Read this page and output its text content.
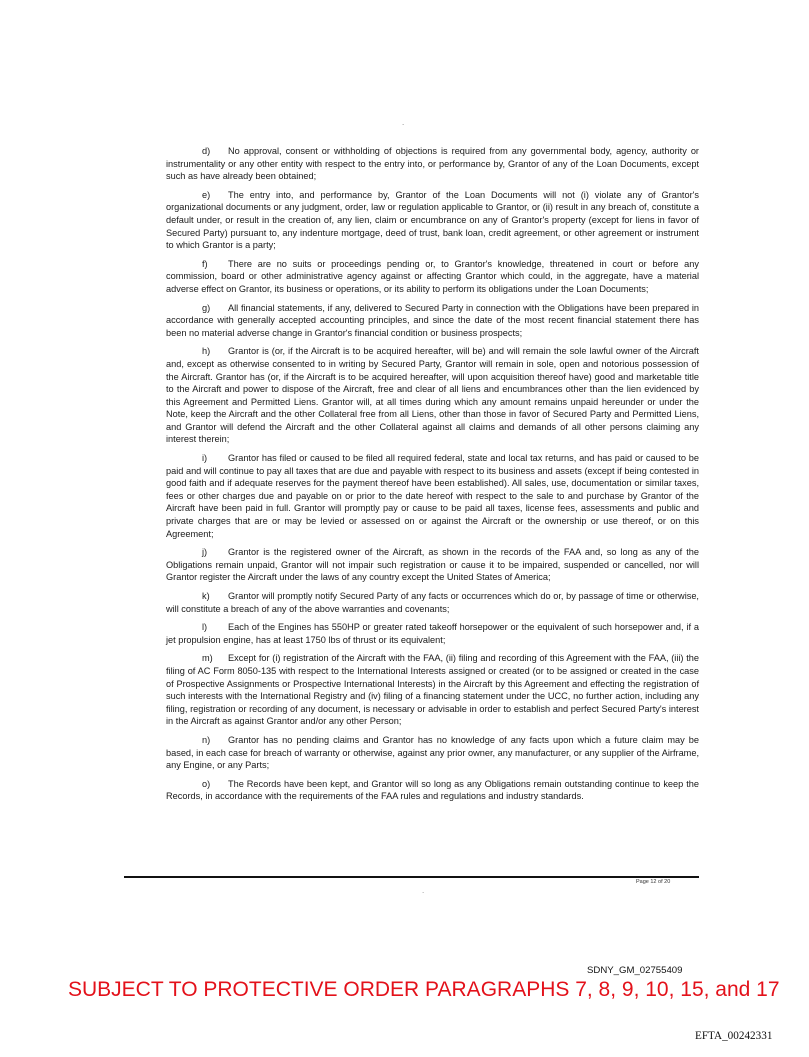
.

d) No approval, consent or withholding of objections is required from any governmental body, agency, authority or instrumentality or any other entity with respect to the entry into, or performance by, Grantor of any of the Loan Documents, except such as have already been obtained;

e) The entry into, and performance by, Grantor of the Loan Documents will not (i) violate any of Grantor's organizational documents or any judgment, order, law or regulation applicable to Grantor, or (ii) result in any breach of, constitute a default under, or result in the creation of, any lien, claim or encumbrance on any of Grantor's property (except for liens in favor of Secured Party) pursuant to, any indenture mortgage, deed of trust, bank loan, credit agreement, or other agreement or instrument to which Grantor is a party;

f) There are no suits or proceedings pending or, to Grantor's knowledge, threatened in court or before any commission, board or other administrative agency against or affecting Grantor which could, in the aggregate, have a material adverse effect on Grantor, its business or operations, or its ability to perform its obligations under the Loan Documents;

g) All financial statements, if any, delivered to Secured Party in connection with the Obligations have been prepared in accordance with generally accepted accounting principles, and since the date of the most recent financial statement there has been no material adverse change in Grantor's financial condition or business prospects;

h) Grantor is (or, if the Aircraft is to be acquired hereafter, will be) and will remain the sole lawful owner of the Aircraft and, except as otherwise consented to in writing by Secured Party, Grantor will remain in sole, open and notorious possession of the Aircraft. Grantor has (or, if the Aircraft is to be acquired hereafter, will upon acquisition thereof have) good and marketable title to the Aircraft and power to dispose of the Aircraft, free and clear of all liens and encumbrances other than the lien evidenced by this Agreement and Permitted Liens. Grantor will, at all times during which any amount remains unpaid hereunder or under the Note, keep the Aircraft and the other Collateral free from all Liens, other than those in favor of Secured Party and Permitted Liens, and Grantor will defend the Aircraft and the other Collateral against all claims and demands of all other persons claiming any interest therein;

i) Grantor has filed or caused to be filed all required federal, state and local tax returns, and has paid or caused to be paid and will continue to pay all taxes that are due and payable with respect to its business and assets (except if being contested in good faith and if adequate reserves for the payment thereof have been established). All sales, use, documentation or similar taxes, fees or other charges due and payable on or prior to the date hereof with respect to the sale to and purchase by Grantor of the Aircraft have been paid in full. Grantor will promptly pay or cause to be paid all taxes, license fees, assessments and public and private charges that are or may be levied or assessed on or against the Aircraft or the ownership or use thereof, or on this Agreement;

j) Grantor is the registered owner of the Aircraft, as shown in the records of the FAA and, so long as any of the Obligations remain unpaid, Grantor will not impair such registration or cause it to be impaired, suspended or cancelled, nor will Grantor register the Aircraft under the laws of any country except the United States of America;

k) Grantor will promptly notify Secured Party of any facts or occurrences which do or, by passage of time or otherwise, will constitute a breach of any of the above warranties and covenants;

l) Each of the Engines has 550HP or greater rated takeoff horsepower or the equivalent of such horsepower and, if a jet propulsion engine, has at least 1750 lbs of thrust or its equivalent;

m) Except for (i) registration of the Aircraft with the FAA, (ii) filing and recording of this Agreement with the FAA, (iii) the filing of AC Form 8050-135 with respect to the International Interests assigned or created (or to be assigned or created in the case of Prospective Assignments or Prospective International Interests) in the Aircraft by this Agreement and effecting the registration of such interests with the International Registry and (iv) filing of a financing statement under the UCC, no further action, including any filing, registration or recording of any document, is necessary or advisable in order to establish and perfect Secured Party's interest in the Aircraft as against Grantor and/or any other Person;

n) Grantor has no pending claims and Grantor has no knowledge of any facts upon which a future claim may be based, in each case for breach of warranty or otherwise, against any prior owner, any manufacturer, or any supplier of the Airframe, any Engine, or any Parts;

o) The Records have been kept, and Grantor will so long as any Obligations remain outstanding continue to keep the Records, in accordance with the requirements of the FAA rules and regulations and industry standards.

Page 12 of 20
.
SDNY_GM_02755409
SUBJECT TO PROTECTIVE ORDER PARAGRAPHS 7, 8, 9, 10, 15, and 17
EFTA_00242331
